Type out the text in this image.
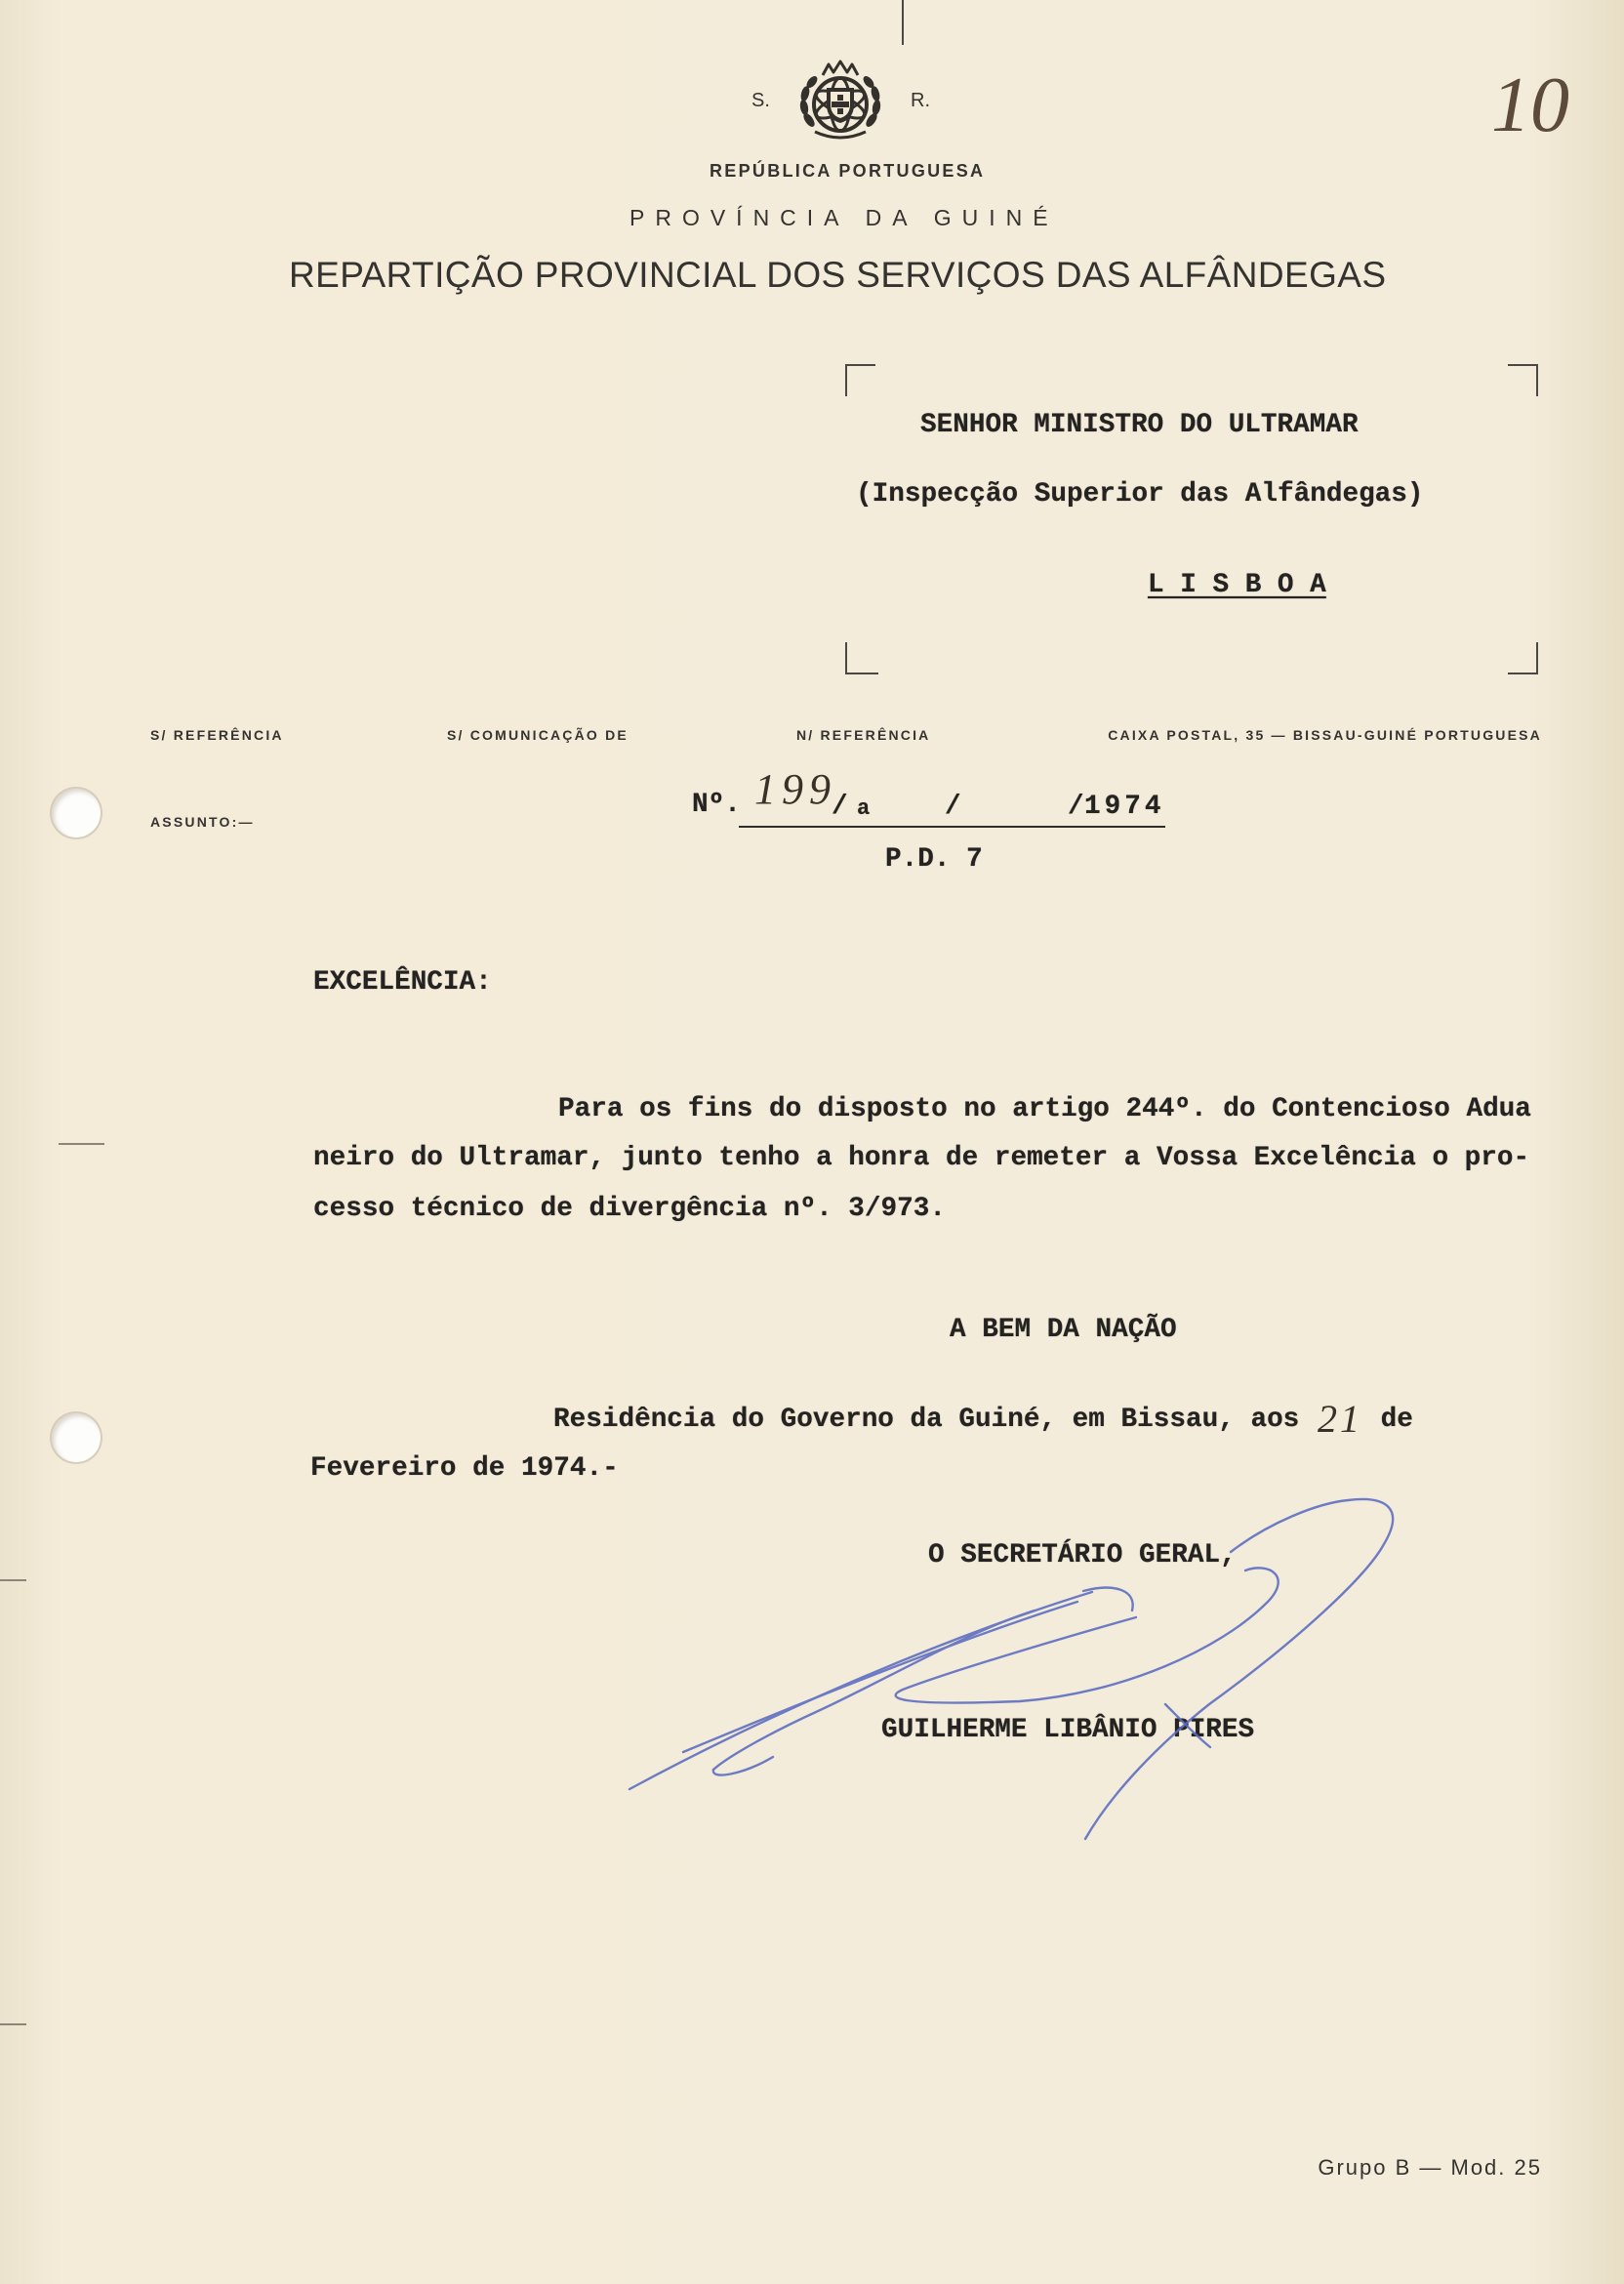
S.	R.	10
REPÚBLICA PORTUGUESA
PROVÍNCIA DA GUINÉ
REPARTIÇÃO PROVINCIAL DOS SERVIÇOS DAS ALFÂNDEGAS
SENHOR MINISTRO DO ULTRAMAR
(Inspecção Superior das Alfândegas)
L I S B O A
S/ REFERÊNCIA	S/ COMUNICAÇÃO DE	N/ REFERÊNCIA	CAIXA POSTAL, 35 — BISSAU-GUINÉ PORTUGUESA
ASSUNTO:—
Nº. 199
/ a	/	/ 1974
P.D. 7
EXCELÊNCIA:
Para os fins do disposto no artigo 244º. do Contencioso Adua
neiro do Ultramar, junto tenho a honra de remeter a Vossa Excelência o pro-
cesso técnico de divergência nº. 3/973.
A BEM DA NAÇÃO
Residência do Governo da Guiné, em Bissau, aos 21 de
Fevereiro de 1974.-
O SECRETÁRIO GERAL,
GUILHERME LIBÂNIO PIRES
Grupo B — Mod. 25
